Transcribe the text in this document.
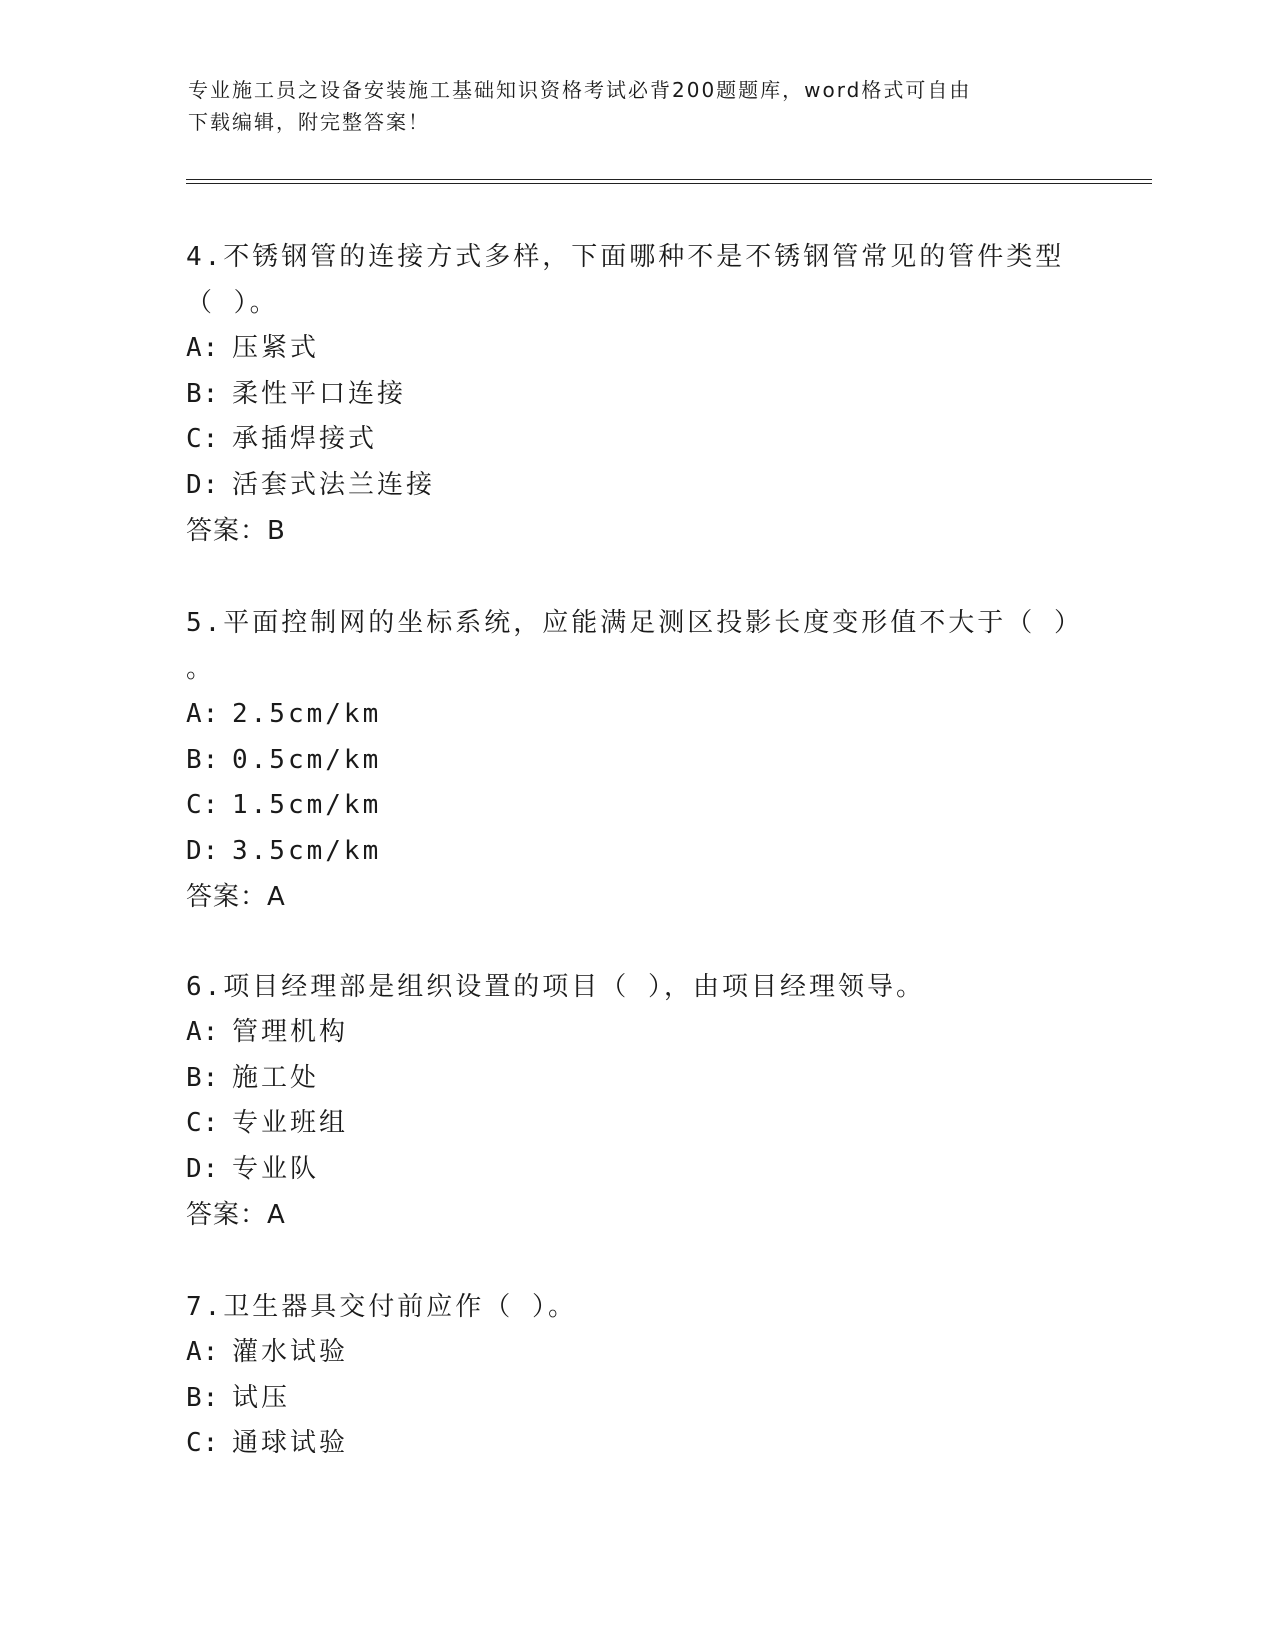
专业施工员之设备安装施工基础知识资格考试必背200题题库，word格式可自由
下载编辑，附完整答案！
4.不锈钢管的连接方式多样，下面哪种不是不锈钢管常见的管件类型
（ ）。
A: 压紧式
B: 柔性平口连接
C: 承插焊接式
D: 活套式法兰连接
答案：B
5.平面控制网的坐标系统，应能满足测区投影长度变形值不大于（ ）
。
A: 2.5cm/km
B: 0.5cm/km
C: 1.5cm/km
D: 3.5cm/km
答案：A
6.项目经理部是组织设置的项目（ ），由项目经理领导。
A: 管理机构
B: 施工处
C: 专业班组
D: 专业队
答案：A
7.卫生器具交付前应作（ ）。
A: 灌水试验
B: 试压
C: 通球试验
